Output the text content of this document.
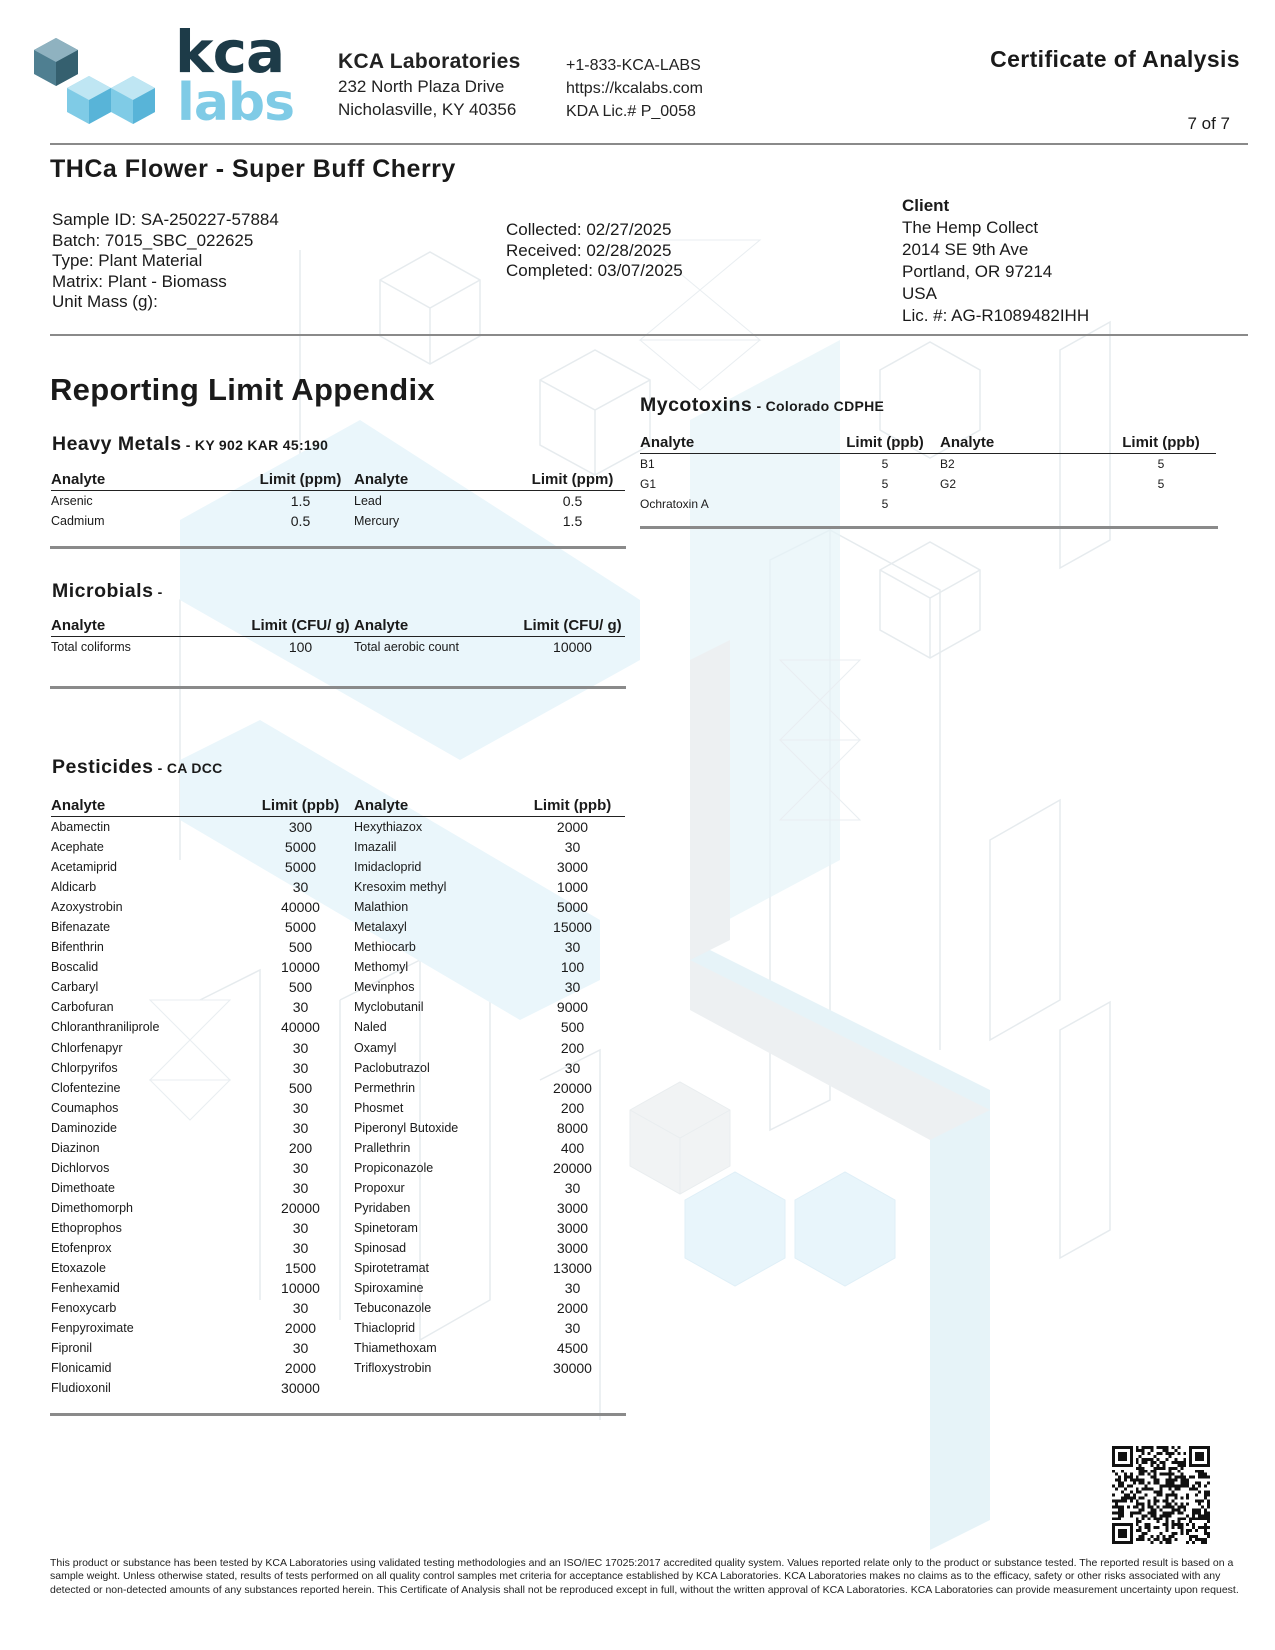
kca
labs
KCA Laboratories
232 North Plaza Drive
Nicholasville, KY 40356
+1-833-KCA-LABS
https://kcalabs.com
KDA Lic.# P_0058
Certificate of Analysis
7 of 7
THCa Flower - Super Buff Cherry
Sample ID: SA-250227-57884
Batch: 7015_SBC_022625
Type: Plant Material
Matrix: Plant - Biomass
Unit Mass (g):
Collected: 02/27/2025
Received: 02/28/2025
Completed: 03/07/2025
Client
The Hemp Collect
2014 SE 9th Ave
Portland, OR 97214
USA
Lic. #: AG-R1089482IHH
Reporting Limit Appendix
Heavy Metals - KY 902 KAR 45:190
Analyte	Limit (ppm)	Analyte	Limit (ppm)
Arsenic	1.5	Lead	0.5
Cadmium	0.5	Mercury	1.5
Microbials -
Analyte	Limit (CFU/ g)	Analyte	Limit (CFU/ g)
Total coliforms	100	Total aerobic count	10000
Pesticides - CA DCC
Analyte	Limit (ppb)	Analyte	Limit (ppb)
Abamectin	300	Hexythiazox	2000
Acephate	5000	Imazalil	30
Acetamiprid	5000	Imidacloprid	3000
Aldicarb	30	Kresoxim methyl	1000
Azoxystrobin	40000	Malathion	5000
Bifenazate	5000	Metalaxyl	15000
Bifenthrin	500	Methiocarb	30
Boscalid	10000	Methomyl	100
Carbaryl	500	Mevinphos	30
Carbofuran	30	Myclobutanil	9000
Chloranthraniliprole	40000	Naled	500
Chlorfenapyr	30	Oxamyl	200
Chlorpyrifos	30	Paclobutrazol	30
Clofentezine	500	Permethrin	20000
Coumaphos	30	Phosmet	200
Daminozide	30	Piperonyl Butoxide	8000
Diazinon	200	Prallethrin	400
Dichlorvos	30	Propiconazole	20000
Dimethoate	30	Propoxur	30
Dimethomorph	20000	Pyridaben	3000
Ethoprophos	30	Spinetoram	3000
Etofenprox	30	Spinosad	3000
Etoxazole	1500	Spirotetramat	13000
Fenhexamid	10000	Spiroxamine	30
Fenoxycarb	30	Tebuconazole	2000
Fenpyroximate	2000	Thiacloprid	30
Fipronil	30	Thiamethoxam	4500
Flonicamid	2000	Trifloxystrobin	30000
Fludioxonil	30000		
Mycotoxins - Colorado CDPHE
Analyte	Limit (ppb)	Analyte	Limit (ppb)
B1	5	B2	5
G1	5	G2	5
Ochratoxin A	5		
This product or substance has been tested by KCA Laboratories using validated testing methodologies and an ISO/IEC 17025:2017 accredited quality system. Values reported relate only to the product or substance tested. The reported result is based on a sample weight. Unless otherwise stated, results of tests performed on all quality control samples met criteria for acceptance established by KCA Laboratories. KCA Laboratories makes no claims as to the efficacy, safety or other risks associated with any detected or non-detected amounts of any substances reported herein. This Certificate of Analysis shall not be reproduced except in full, without the written approval of KCA Laboratories. KCA Laboratories can provide measurement uncertainty upon request.
